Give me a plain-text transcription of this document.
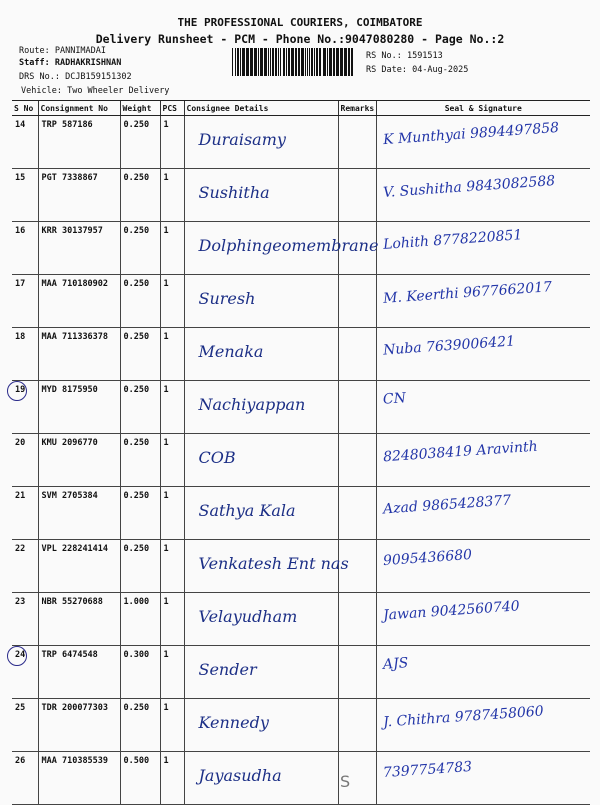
THE PROFESSIONAL COURIERS, COIMBATORE
Delivery Runsheet - PCM - Phone No.:9047080280 - Page No.:2
Route: PANNIMADAI
Staff: RADHAKRISHNAN
DRS No.: DCJB159151302
Vehicle: Two Wheeler Delivery
RS No.: 1591513
RS Date: 04-Aug-2025
S No	Consignment No	Weight	PCS	Consignee Details	Remarks	Seal & Signature
14	TRP 587186	0.250	1	Duraisamy		K Munthyai 9894497858

15	PGT 7338867	0.250	1	Sushitha		V. Sushitha 9843082588

16	KRR 30137957	0.250	1	Dolphingeomembrane		Lohith 8778220851

17	MAA 710180902	0.250	1	Suresh		M. Keerthi 9677662017

18	MAA 711336378	0.250	1	Menaka		Nuba 7639006421

19	MYD 8175950	0.250	1	Nachiyappan		CN

20	KMU 2096770	0.250	1	COB		8248038419 Aravinth

21	SVM 2705384	0.250	1	Sathya Kala		Azad 9865428377

22	VPL 228241414	0.250	1	Venkatesh Ent nas		9095436680

23	NBR 55270688	1.000	1	Velayudham		Jawan 9042560740

24	TRP 6474548	0.300	1	Sender		AJS

25	TDR 200077303	0.250	1	Kennedy		J. Chithra 9787458060

26	MAA 710385539	0.500	1	Jayasudha		7397754783
S
